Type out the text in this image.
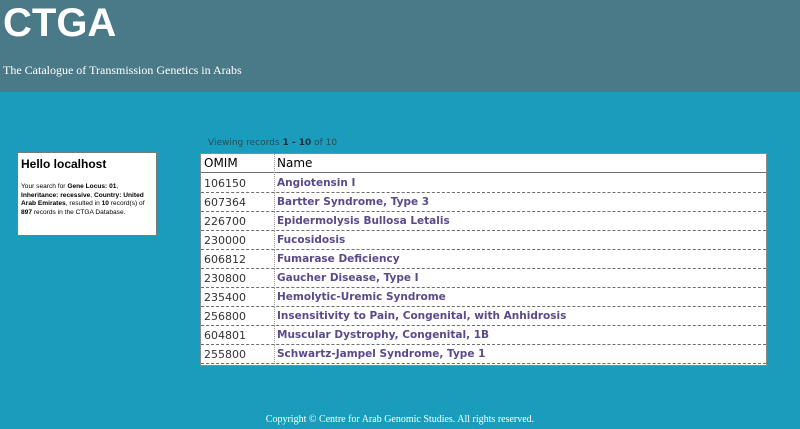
CTGA
The Catalogue of Transmission Genetics in Arabs
Hello localhost
Your search for Gene Locus: 01, Inheritance: recessive, Country: United Arab Emirates, resulted in 10 record(s) of 897 records in the CTGA Database.
Viewing records 1 - 10 of 10
OMIM	Name
106150	Angiotensin I
607364	Bartter Syndrome, Type 3
226700	Epidermolysis Bullosa Letalis
230000	Fucosidosis
606812	Fumarase Deficiency
230800	Gaucher Disease, Type I
235400	Hemolytic-Uremic Syndrome
256800	Insensitivity to Pain, Congenital, with Anhidrosis
604801	Muscular Dystrophy, Congenital, 1B
255800	Schwartz-Jampel Syndrome, Type 1
Copyright © Centre for Arab Genomic Studies. All rights reserved.
